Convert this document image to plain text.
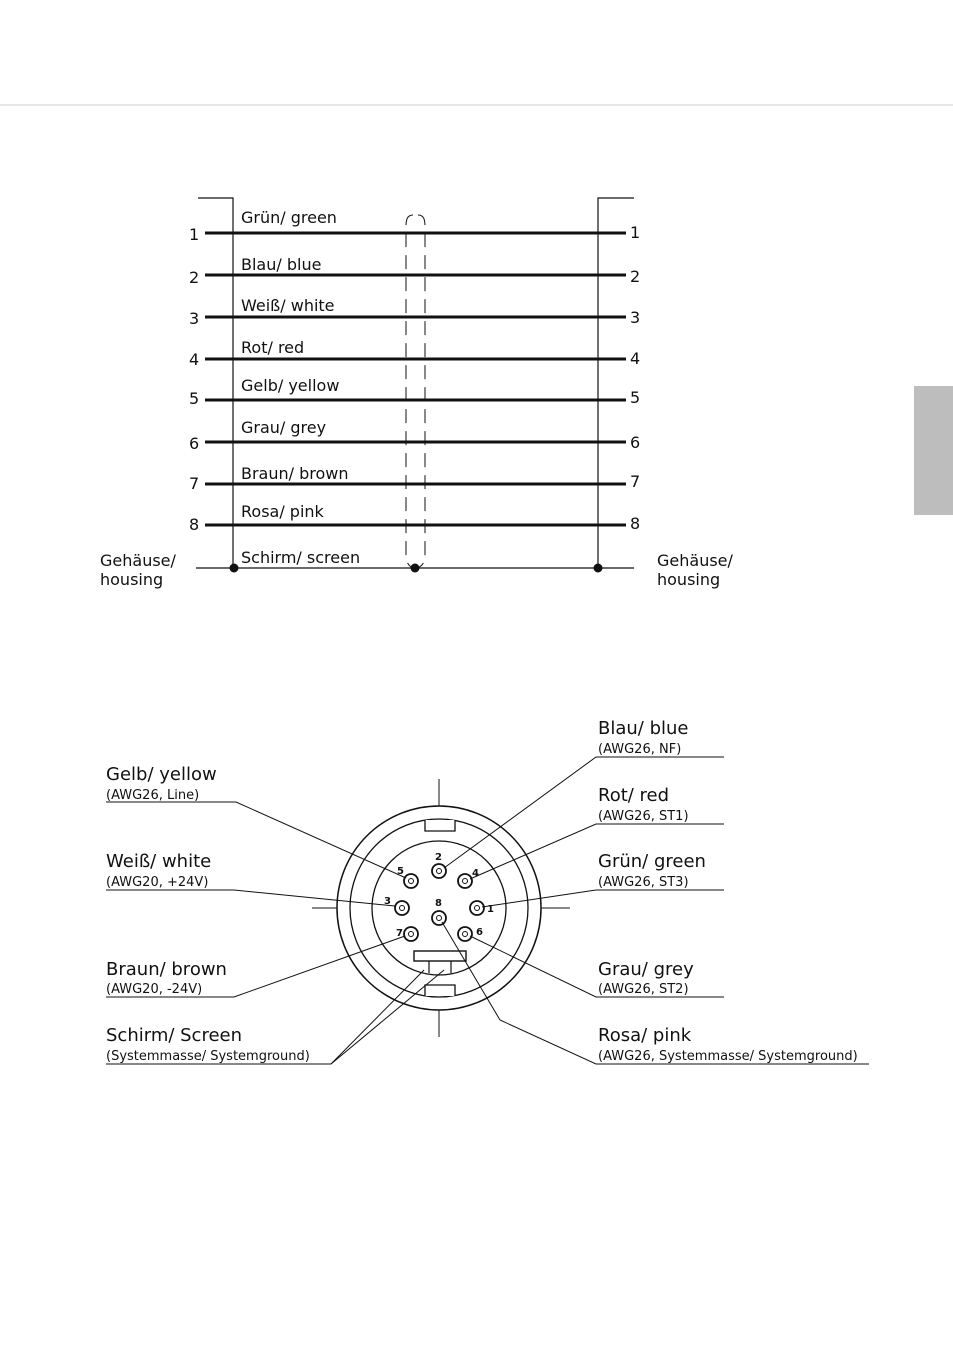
Grün/ green
Blau/ blue
Weiß/ white
Rot/ red
Gelb/ yellow
Grau/ grey
Braun/ brown
Rosa/ pink
Schirm/ screen
1
2
3
4
5
6
7
8
1
2
3
4
5
6
7
8
Gehäuse/
housing
Gehäuse/
housing
1
2
3
4
5
6
7
8
Gelb/ yellow
(AWG26, Line)
Weiß/ white
(AWG20, +24V)
Braun/ brown
(AWG20, -24V)
Schirm/ Screen
(Systemmasse/ Systemground)
Blau/ blue
(AWG26, NF)
Rot/ red
(AWG26, ST1)
Grün/ green
(AWG26, ST3)
Grau/ grey
(AWG26, ST2)
Rosa/ pink
(AWG26, Systemmasse/ Systemground)
